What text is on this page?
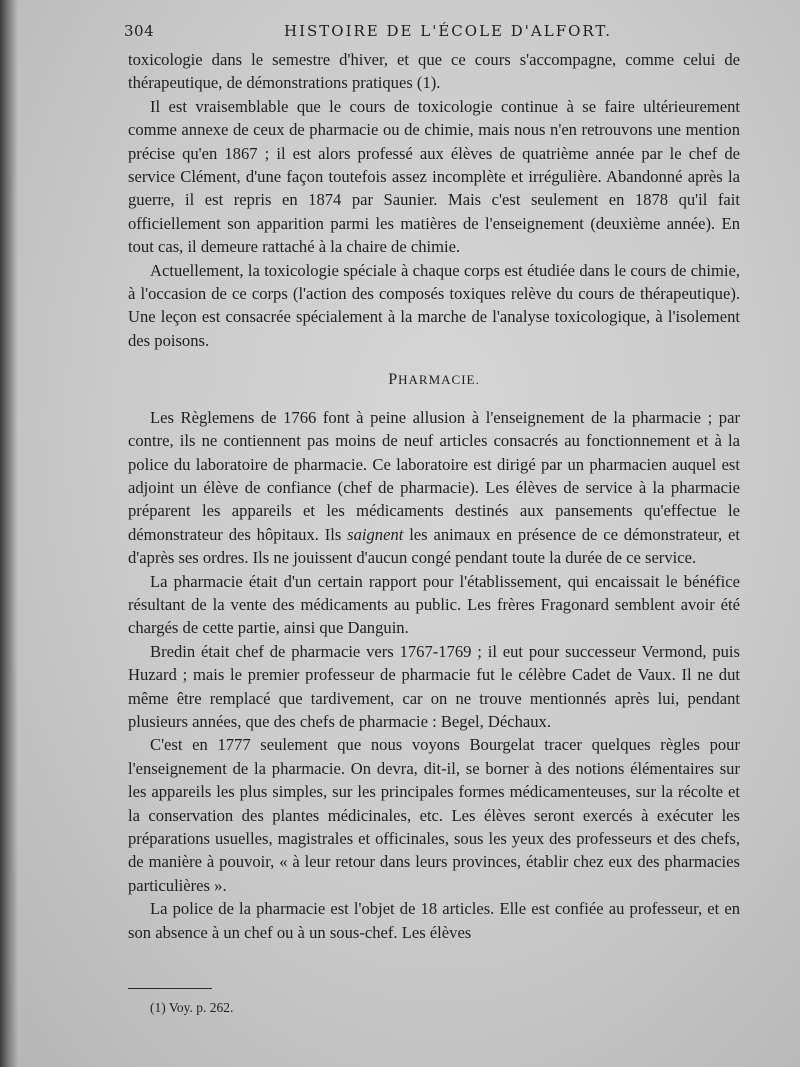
304	HISTOIRE DE L'ÉCOLE D'ALFORT.

toxicologie dans le semestre d'hiver, et que ce cours s'accompagne, comme celui de thérapeutique, de démonstrations pratiques (1).

Il est vraisemblable que le cours de toxicologie continue à se faire ultérieurement comme annexe de ceux de pharmacie ou de chimie, mais nous n'en retrouvons une mention précise qu'en 1867 ; il est alors professé aux élèves de quatrième année par le chef de service Clément, d'une façon toutefois assez incomplète et irrégulière. Abandonné après la guerre, il est repris en 1874 par Saunier. Mais c'est seulement en 1878 qu'il fait officiellement son apparition parmi les matières de l'enseignement (deuxième année). En tout cas, il demeure rattaché à la chaire de chimie.

Actuellement, la toxicologie spéciale à chaque corps est étudiée dans le cours de chimie, à l'occasion de ce corps (l'action des composés toxiques relève du cours de thérapeutique). Une leçon est consacrée spécialement à la marche de l'analyse toxicologique, à l'isolement des poisons.

PHARMACIE.

Les Règlemens de 1766 font à peine allusion à l'enseignement de la pharmacie ; par contre, ils ne contiennent pas moins de neuf articles consacrés au fonctionnement et à la police du laboratoire de pharmacie. Ce laboratoire est dirigé par un pharmacien auquel est adjoint un élève de confiance (chef de pharmacie). Les élèves de service à la pharmacie préparent les appareils et les médicaments destinés aux pansements qu'effectue le démonstrateur des hôpitaux. Ils saignent les animaux en présence de ce démonstrateur, et d'après ses ordres. Ils ne jouissent d'aucun congé pendant toute la durée de ce service.

La pharmacie était d'un certain rapport pour l'établissement, qui encaissait le bénéfice résultant de la vente des médicaments au public. Les frères Fragonard semblent avoir été chargés de cette partie, ainsi que Danguin.

Bredin était chef de pharmacie vers 1767-1769 ; il eut pour successeur Vermond, puis Huzard ; mais le premier professeur de pharmacie fut le célèbre Cadet de Vaux. Il ne dut même être remplacé que tardivement, car on ne trouve mentionnés après lui, pendant plusieurs années, que des chefs de pharmacie : Begel, Déchaux.

C'est en 1777 seulement que nous voyons Bourgelat tracer quelques règles pour l'enseignement de la pharmacie. On devra, dit-il, se borner à des notions élémentaires sur les appareils les plus simples, sur les principales formes médicamenteuses, sur la récolte et la conservation des plantes médicinales, etc. Les élèves seront exercés à exécuter les préparations usuelles, magistrales et officinales, sous les yeux des professeurs et des chefs, de manière à pouvoir, « à leur retour dans leurs provinces, établir chez eux des pharmacies particulières ».

La police de la pharmacie est l'objet de 18 articles. Elle est confiée au professeur, et en son absence à un chef ou à un sous-chef. Les élèves

(1) Voy. p. 262.
